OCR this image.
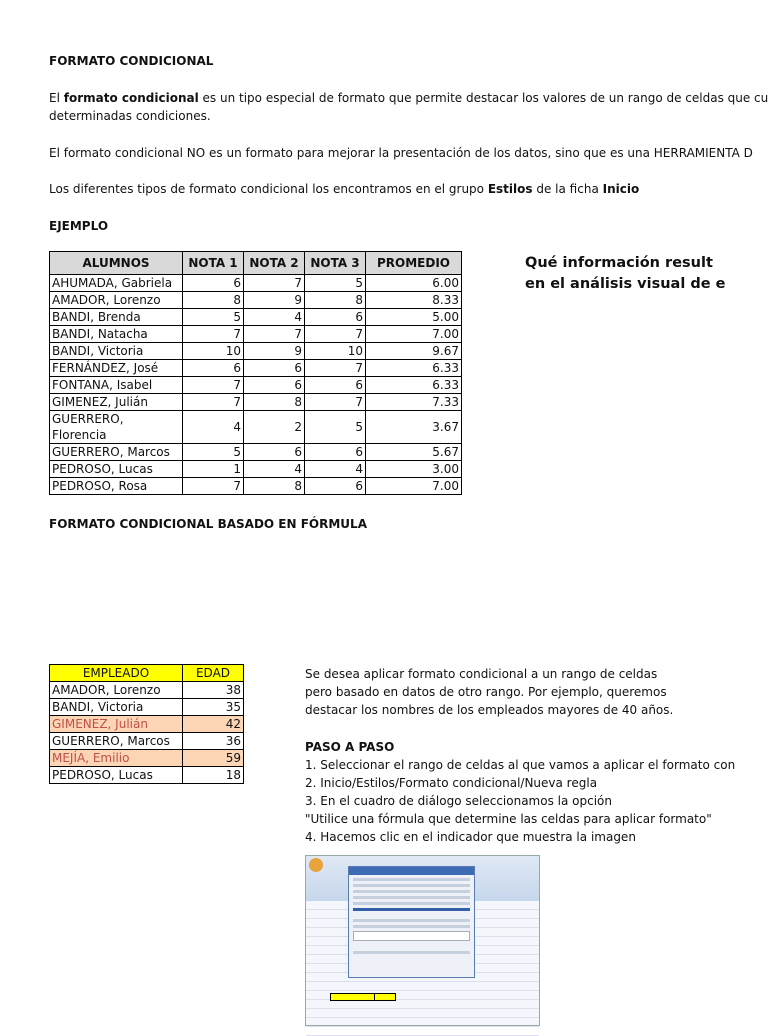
FORMATO CONDICIONAL
El formato condicional es un tipo especial de formato que permite destacar los valores de un rango de celdas que cu
determinadas condiciones.
El formato condicional NO es un formato para mejorar la presentación de los datos, sino que es una HERRAMIENTA D
Los diferentes tipos de formato condicional los encontramos en el grupo Estilos de la ficha Inicio
EJEMPLO
ALUMNOS	NOTA 1	NOTA 2	NOTA 3	PROMEDIO
AHUMADA, Gabriela	6	7	5	6.00
AMADOR, Lorenzo	8	9	8	8.33
BANDI, Brenda	5	4	6	5.00
BANDI, Natacha	7	7	7	7.00
BANDI, Victoria	10	9	10	9.67
FERNÁNDEZ, José	6	6	7	6.33
FONTANA, Isabel	7	6	6	6.33
GIMENEZ, Julián	7	8	7	7.33
GUERRERO, Florencia	4	2	5	3.67
GUERRERO, Marcos	5	6	6	5.67
PEDROSO, Lucas	1	4	4	3.00
PEDROSO, Rosa	7	8	6	7.00
Qué información result
en el análisis visual de e
FORMATO CONDICIONAL BASADO EN FÓRMULA
EMPLEADO	EDAD
AMADOR, Lorenzo	38
BANDI, Victoria	35
GIMENEZ, Julián	42
GUERRERO, Marcos	36
MEJÍA, Emilio	59
PEDROSO, Lucas	18
Se desea aplicar formato condicional a un rango de celdas
pero basado en datos de otro rango. Por ejemplo, queremos
destacar los nombres de los empleados mayores de 40 años.
PASO A PASO
1. Seleccionar el rango de celdas al que vamos a aplicar el formato con
2. Inicio/Estilos/Formato condicional/Nueva regla
3. En el cuadro de diálogo seleccionamos la opción
"Utilice una fórmula que determine las celdas para aplicar formato"
4. Hacemos clic en el indicador que muestra la imagen
